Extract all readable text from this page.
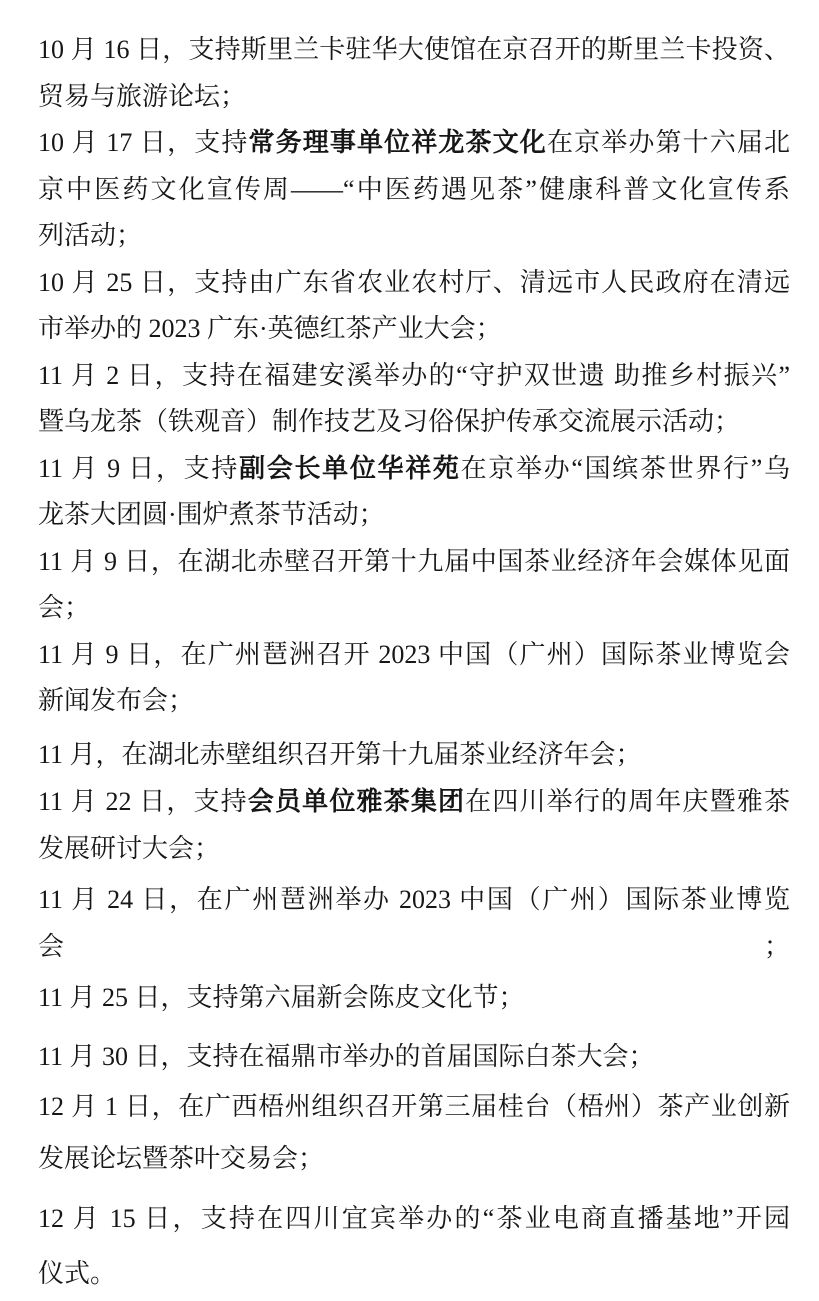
10 月 16 日，支持斯里兰卡驻华大使馆在京召开的斯里兰卡投资、
贸易与旅游论坛；

10 月 17 日，支持常务理事单位祥龙茶文化在京举办第十六届北
京中医药文化宣传周——“中医药遇见茶”健康科普文化宣传系
列活动；

10 月 25 日，支持由广东省农业农村厅、清远市人民政府在清远
市举办的 2023 广东·英德红茶产业大会；

11 月 2 日，支持在福建安溪举办的“守护双世遗 助推乡村振兴”
暨乌龙茶（铁观音）制作技艺及习俗保护传承交流展示活动；

11 月 9 日，支持副会长单位华祥苑在京举办“国缤茶世界行”乌
龙茶大团圆·围炉煮茶节活动；

11 月 9 日，在湖北赤壁召开第十九届中国茶业经济年会媒体见面
会；

11 月 9 日，在广州琶洲召开 2023 中国（广州）国际茶业博览会
新闻发布会；

11 月，在湖北赤壁组织召开第十九届茶业经济年会；

11 月 22 日，支持会员单位雅茶集团在四川举行的周年庆暨雅茶
发展研讨大会；

11 月 24 日，在广州琶洲举办 2023 中国（广州）国际茶业博览会；

11 月 25 日，支持第六届新会陈皮文化节；

11 月 30 日，支持在福鼎市举办的首届国际白茶大会；

12 月 1 日，在广西梧州组织召开第三届桂台（梧州）茶产业创新
发展论坛暨茶叶交易会；

12 月 15 日，支持在四川宜宾举办的“茶业电商直播基地”开园
仪式。
